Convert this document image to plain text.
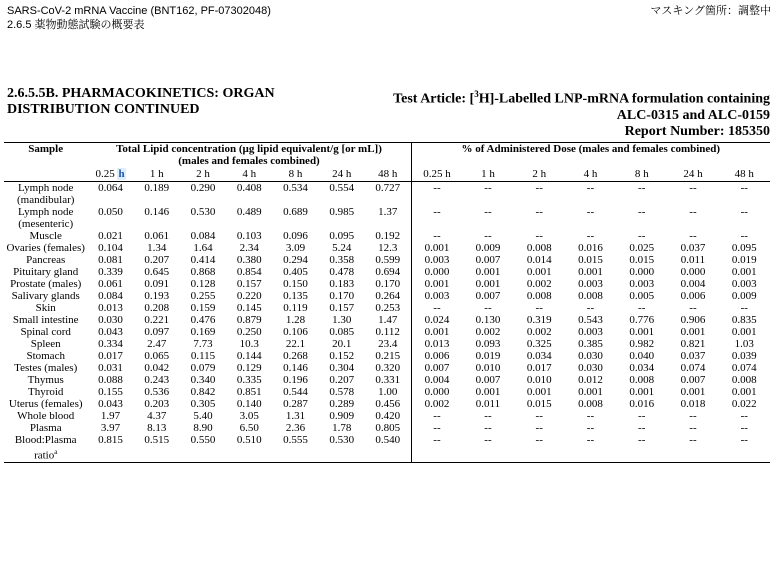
SARS-CoV-2 mRNA Vaccine (BNT162, PF-07302048)
2.6.5 薬物動態試験の概要表
マスキング箇所：調整中
2.6.5.5B. PHARMACOKINETICS: ORGAN
DISTRIBUTION CONTINUED
Test Article: [$^3$H]-Labelled LNP-mRNA formulation containing
ALC-0315 and ALC-0159
Report Number: 185350
Sample	Total Lipid concentration (µg lipid equivalent/g [or mL])
(males and females combined)							% of Administered Dose (males and females combined)						
	0.25 h	1 h	2 h	4 h	8 h	24 h	48 h	0.25 h	1 h	2 h	4 h	8 h	24 h	48 h
Lymph node (mandibular)	0.064	0.189	0.290	0.408	0.534	0.554	0.727	--	--	--	--	--	--	--
Lymph node (mesenteric)	0.050	0.146	0.530	0.489	0.689	0.985	1.37	--	--	--	--	--	--	--
Muscle	0.021	0.061	0.084	0.103	0.096	0.095	0.192	--	--	--	--	--	--	--
Ovaries (females)	0.104	1.34	1.64	2.34	3.09	5.24	12.3	0.001	0.009	0.008	0.016	0.025	0.037	0.095
Pancreas	0.081	0.207	0.414	0.380	0.294	0.358	0.599	0.003	0.007	0.014	0.015	0.015	0.011	0.019
Pituitary gland	0.339	0.645	0.868	0.854	0.405	0.478	0.694	0.000	0.001	0.001	0.001	0.000	0.000	0.001
Prostate (males)	0.061	0.091	0.128	0.157	0.150	0.183	0.170	0.001	0.001	0.002	0.003	0.003	0.004	0.003
Salivary glands	0.084	0.193	0.255	0.220	0.135	0.170	0.264	0.003	0.007	0.008	0.008	0.005	0.006	0.009
Skin	0.013	0.208	0.159	0.145	0.119	0.157	0.253	--	--	--	--	--	--	--
Small intestine	0.030	0.221	0.476	0.879	1.28	1.30	1.47	0.024	0.130	0.319	0.543	0.776	0.906	0.835
Spinal cord	0.043	0.097	0.169	0.250	0.106	0.085	0.112	0.001	0.002	0.002	0.003	0.001	0.001	0.001
Spleen	0.334	2.47	7.73	10.3	22.1	20.1	23.4	0.013	0.093	0.325	0.385	0.982	0.821	1.03
Stomach	0.017	0.065	0.115	0.144	0.268	0.152	0.215	0.006	0.019	0.034	0.030	0.040	0.037	0.039
Testes (males)	0.031	0.042	0.079	0.129	0.146	0.304	0.320	0.007	0.010	0.017	0.030	0.034	0.074	0.074
Thymus	0.088	0.243	0.340	0.335	0.196	0.207	0.331	0.004	0.007	0.010	0.012	0.008	0.007	0.008
Thyroid	0.155	0.536	0.842	0.851	0.544	0.578	1.00	0.000	0.001	0.001	0.001	0.001	0.001	0.001
Uterus (females)	0.043	0.203	0.305	0.140	0.287	0.289	0.456	0.002	0.011	0.015	0.008	0.016	0.018	0.022
Whole blood	1.97	4.37	5.40	3.05	1.31	0.909	0.420	--	--	--	--	--	--	--
Plasma	3.97	8.13	8.90	6.50	2.36	1.78	0.805	--	--	--	--	--	--	--
Blood:Plasma ratio$^a$	0.815	0.515	0.550	0.510	0.555	0.530	0.540	--	--	--	--	--	--	--
